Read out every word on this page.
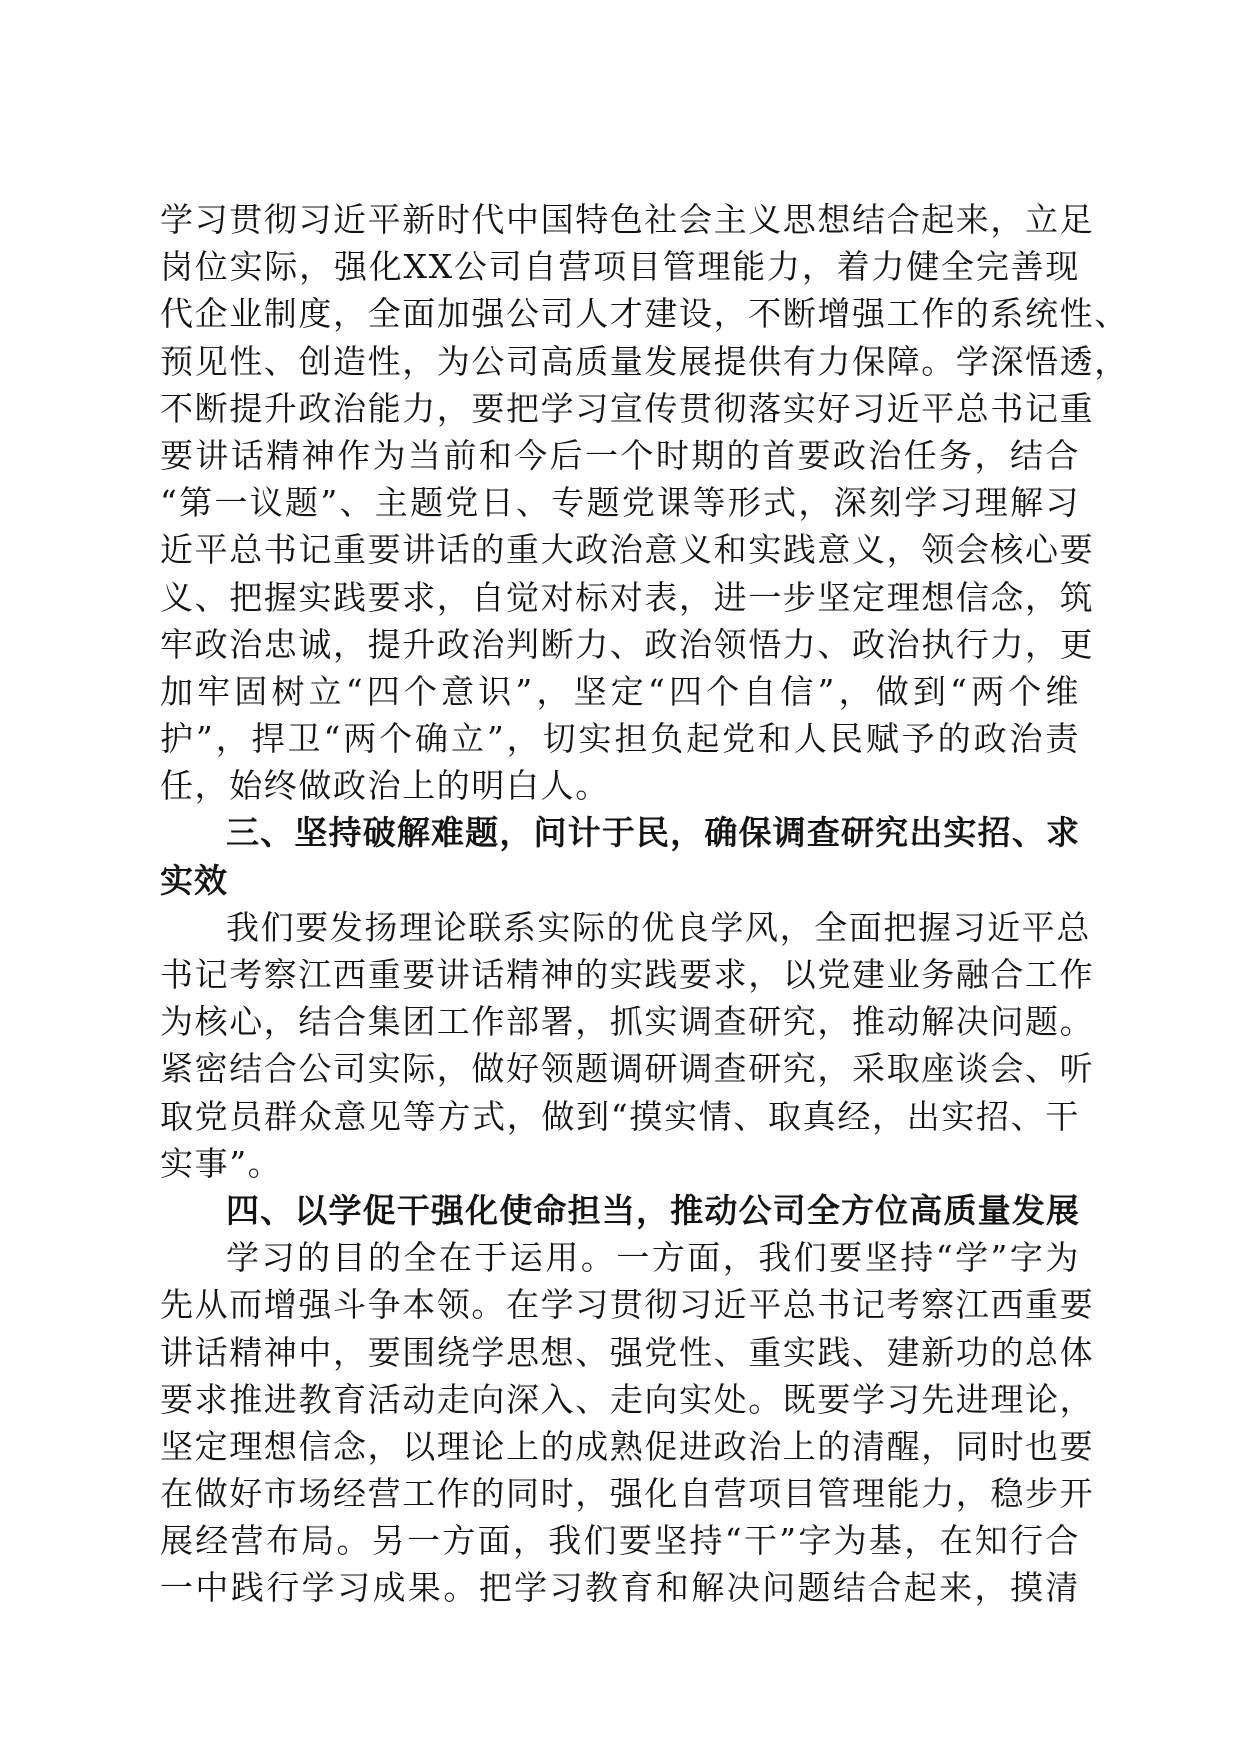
学习贯彻习近平新时代中国特色社会主义思想结合起来，立足
岗位实际，强化XX公司自营项目管理能力，着力健全完善现
代企业制度，全面加强公司人才建设，不断增强工作的系统性、
预见性、创造性，为公司高质量发展提供有力保障。学深悟透，
不断提升政治能力，要把学习宣传贯彻落实好习近平总书记重
要讲话精神作为当前和今后一个时期的首要政治任务，结合
“第一议题”、主题党日、专题党课等形式，深刻学习理解习
近平总书记重要讲话的重大政治意义和实践意义，领会核心要
义、把握实践要求，自觉对标对表，进一步坚定理想信念，筑
牢政治忠诚，提升政治判断力、政治领悟力、政治执行力，更
加牢固树立“四个意识”，坚定“四个自信”，做到“两个维
护”，捍卫“两个确立”，切实担负起党和人民赋予的政治责
任，始终做政治上的明白人。
三、坚持破解难题，问计于民，确保调查研究出实招、求
实效
我们要发扬理论联系实际的优良学风，全面把握习近平总
书记考察江西重要讲话精神的实践要求，以党建业务融合工作
为核心，结合集团工作部署，抓实调查研究，推动解决问题。
紧密结合公司实际，做好领题调研调查研究，采取座谈会、听
取党员群众意见等方式，做到“摸实情、取真经，出实招、干
实事”。
四、以学促干强化使命担当，推动公司全方位高质量发展
学习的目的全在于运用。一方面，我们要坚持“学”字为
先从而增强斗争本领。在学习贯彻习近平总书记考察江西重要
讲话精神中，要围绕学思想、强党性、重实践、建新功的总体
要求推进教育活动走向深入、走向实处。既要学习先进理论，
坚定理想信念，以理论上的成熟促进政治上的清醒，同时也要
在做好市场经营工作的同时，强化自营项目管理能力，稳步开
展经营布局。另一方面，我们要坚持“干”字为基，在知行合
一中践行学习成果。把学习教育和解决问题结合起来，摸清
